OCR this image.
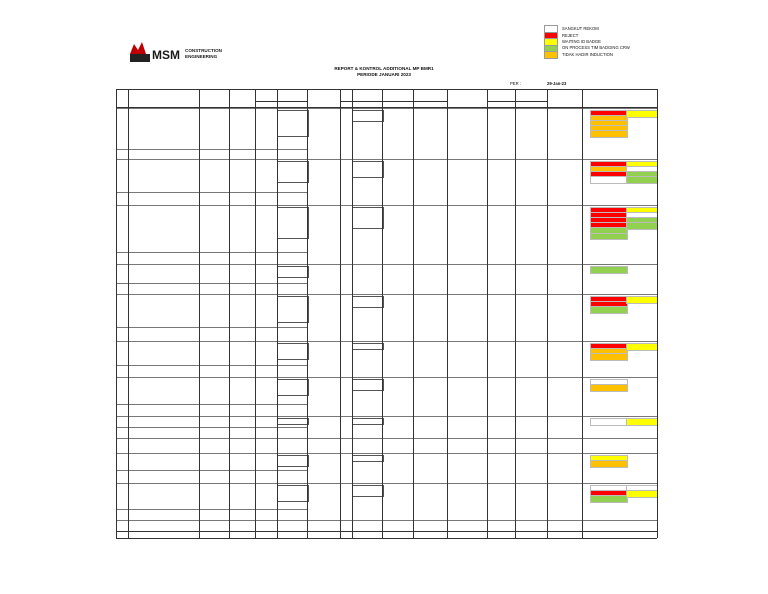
MSM CONSTRUCTION
ENGINEERING
SANGKUT REKOM
REJECT
WAITING ID BADGE
ON PROCESS TIM BADGING CRW
TIDAK HADIR INDUCTION
REPORT & KONTROL ADDITIONAL MP BMR1
PERIODE JANUARI 2023
PER :	29-Jan-23
